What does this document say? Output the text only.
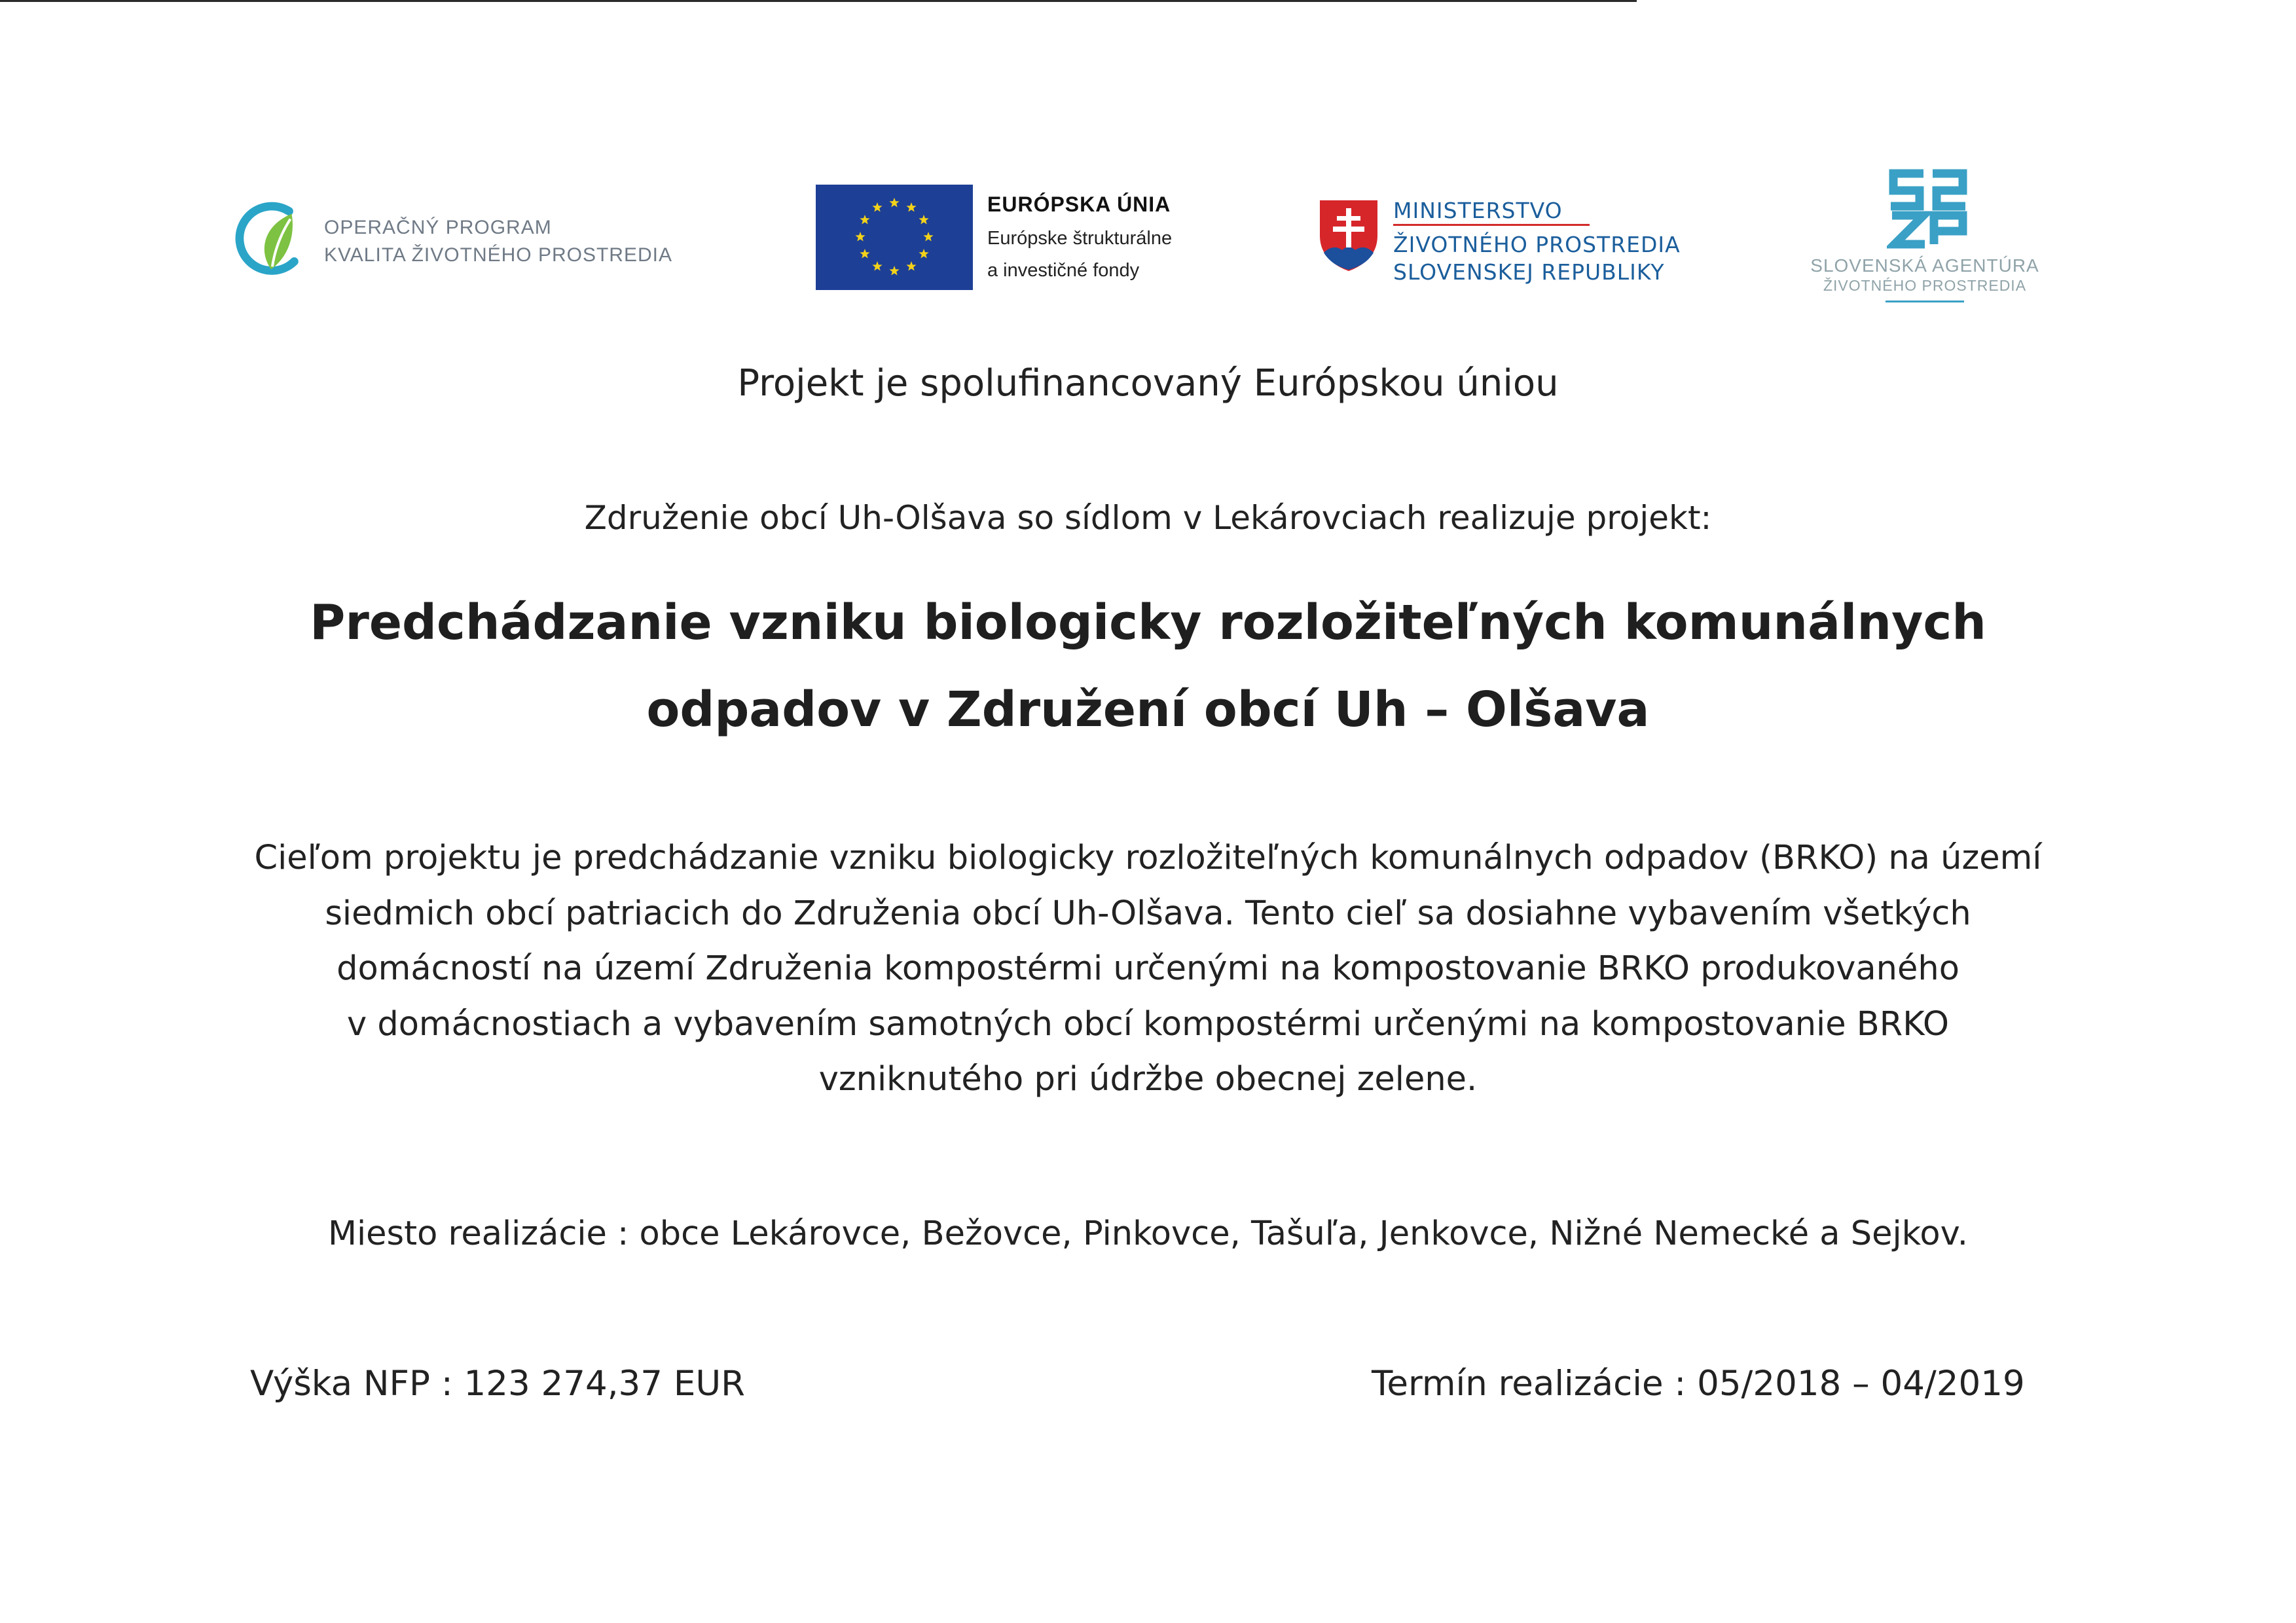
OPERAČNÝ PROGRAM
KVALITA ŽIVOTNÉHO PROSTREDIA
EURÓPSKA ÚNIA
Európske štrukturálne
a investičné fondy
MINISTERSTVO
ŽIVOTNÉHO PROSTREDIA
SLOVENSKEJ REPUBLIKY	SLOVENSKÁ AGENTÚRA
ŽIVOTNÉHO PROSTREDIA
Projekt je spolufinancovaný Európskou úniou
Združenie obcí Uh-Olšava so sídlom v Lekárovciach realizuje projekt:
Predchádzanie vzniku biologicky rozložiteľných komunálnych
odpadov v Združení obcí Uh – Olšava
Cieľom projektu je predchádzanie vzniku biologicky rozložiteľných komunálnych odpadov (BRKO) na území
siedmich obcí patriacich do Združenia obcí Uh-Olšava. Tento cieľ sa dosiahne vybavením všetkých
domácností na území Združenia kompostérmi určenými na kompostovanie BRKO produkovaného
v domácnostiach a vybavením samotných obcí kompostérmi určenými na kompostovanie BRKO
vzniknutého pri údržbe obecnej zelene.
Miesto realizácie : obce Lekárovce, Bežovce, Pinkovce, Tašuľa, Jenkovce, Nižné Nemecké a Sejkov.
Výška NFP : 123 274,37 EUR	Termín realizácie : 05/2018 – 04/2019
